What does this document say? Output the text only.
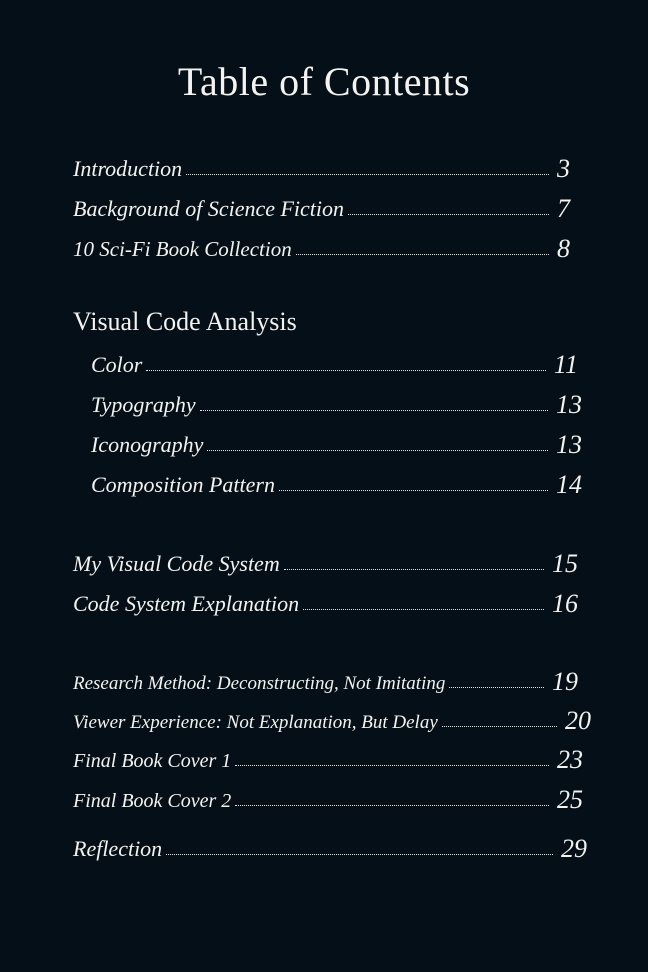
Table of Contents
Introduction	3
Background of Science Fiction	7
10 Sci-Fi Book Collection	8
Visual Code Analysis
Color	11
Typography	13
Iconography	13
Composition Pattern	14
My Visual Code System	15
Code System Explanation	16
Research Method: Deconstructing, Not Imitating	19
Viewer Experience: Not Explanation, But Delay	20
Final Book Cover 1	23
Final Book Cover 2	25
Reflection	29
